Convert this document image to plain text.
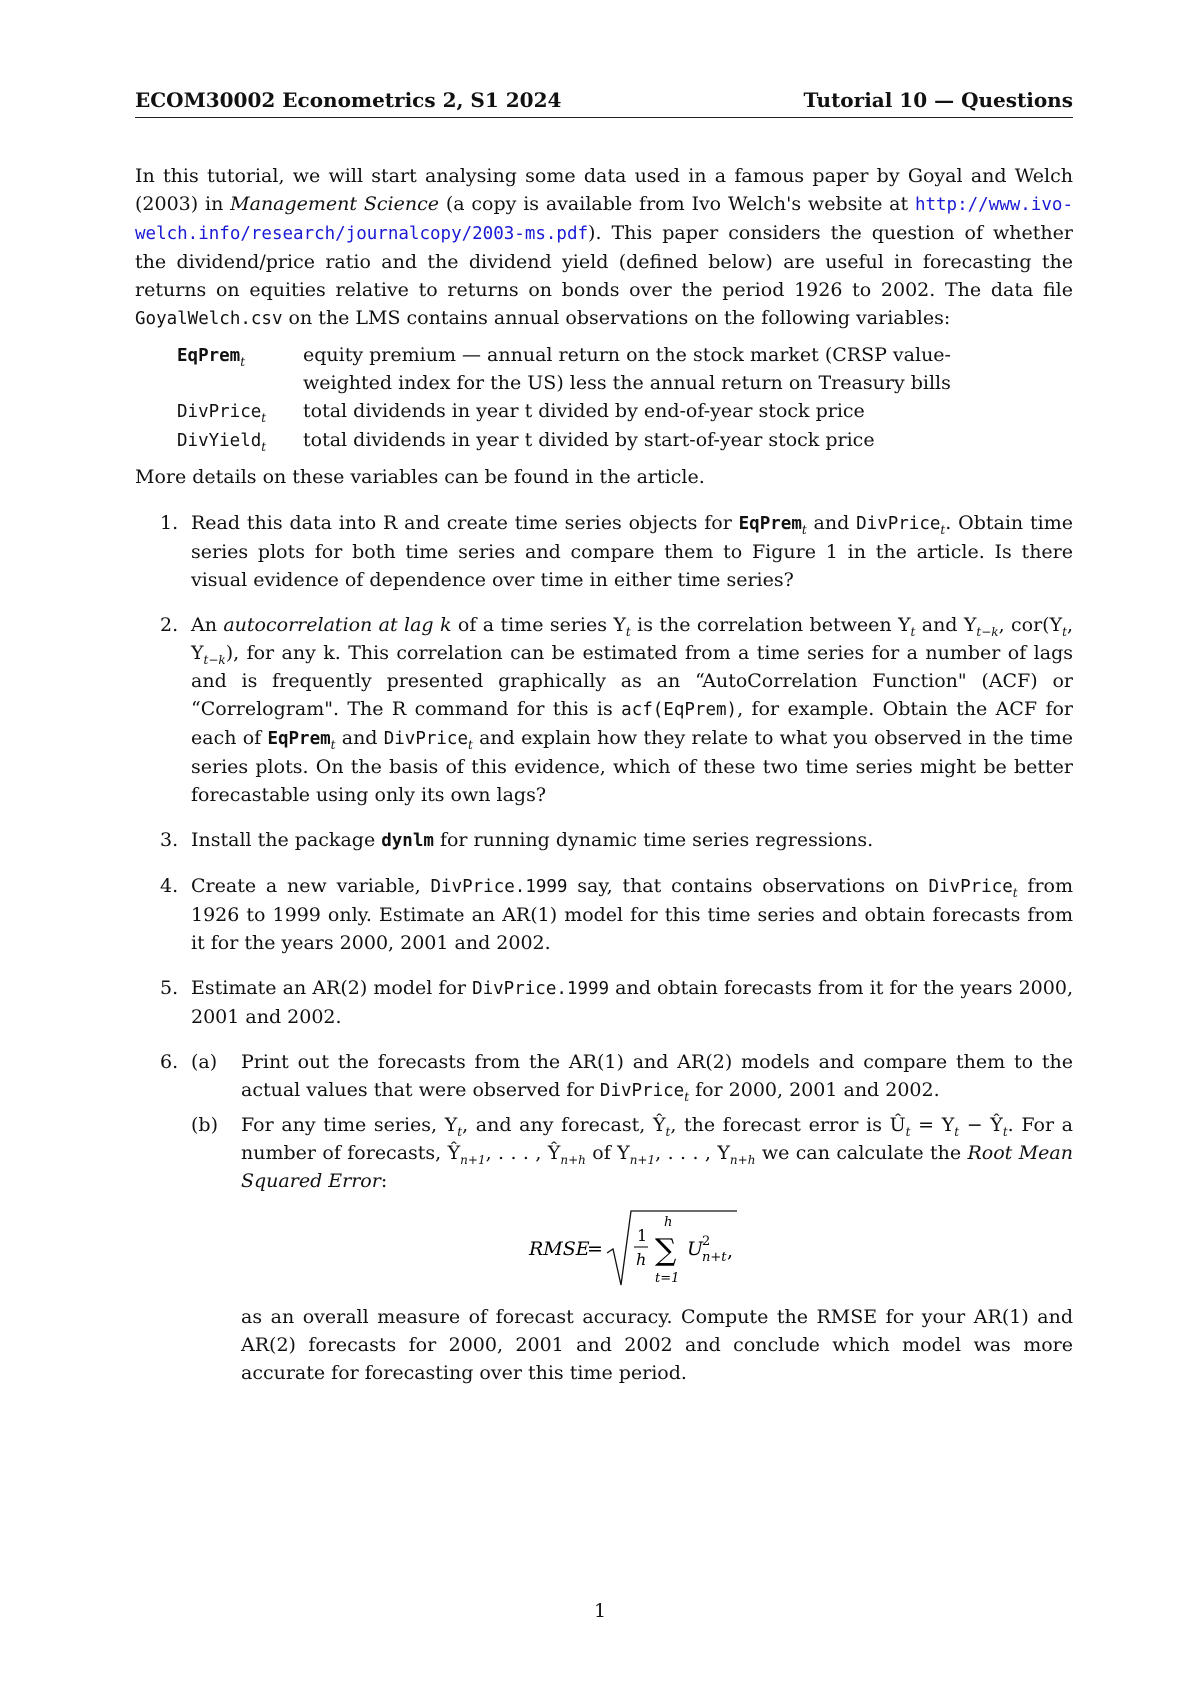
ECOM30002 Econometrics 2, S1 2024	Tutorial 10 — Questions

In this tutorial, we will start analysing some data used in a famous paper by Goyal and Welch (2003) in Management Science (a copy is available from Ivo Welch's website at http://www.ivo-welch.info/research/journalcopy/2003-ms.pdf). This paper considers the question of whether the dividend/price ratio and the dividend yield (defined below) are useful in forecasting the returns on equities relative to returns on bonds over the period 1926 to 2002. The data file GoyalWelch.csv on the LMS contains annual observations on the following variables:

EqPrem$_t$	equity premium — annual return on the stock market (CRSP value-weighted index for the US) less the annual return on Treasury bills
DivPrice$_t$	total dividends in year t divided by end-of-year stock price
DivYield$_t$	total dividends in year t divided by start-of-year stock price

More details on these variables can be found in the article.

1. Read this data into R and create time series objects for EqPrem$_t$ and DivPrice$_t$. Obtain time series plots for both time series and compare them to Figure 1 in the article. Is there visual evidence of dependence over time in either time series?

2. An autocorrelation at lag k of a time series $Y_t$ is the correlation between $Y_t$ and $Y_{t-k}$, $cor(Y_t$, $Y_{t-k}$), for any k. This correlation can be estimated from a time series for a number of lags and is frequently presented graphically as an “AutoCorrelation Function" (ACF) or “Correlogram". The R command for this is acf(EqPrem), for example. Obtain the ACF for each of EqPrem$_t$ and DivPrice$_t$ and explain how they relate to what you observed in the time series plots. On the basis of this evidence, which of these two time series might be better forecastable using only its own lags?

3. Install the package dynlm for running dynamic time series regressions.

4. Create a new variable, DivPrice.1999 say, that contains observations on DivPrice$_t$ from 1926 to 1999 only. Estimate an AR(1) model for this time series and obtain forecasts from it for the years 2000, 2001 and 2002.

5. Estimate an AR(2) model for DivPrice.1999 and obtain forecasts from it for the years 2000, 2001 and 2002.

6. (a) Print out the forecasts from the AR(1) and AR(2) models and compare them to the actual values that were observed for DivPrice$_t$ for 2000, 2001 and 2002.

(b) For any time series, $Y_t$, and any forecast, $Ŷ_t$, the forecast error is $Û_t = Y_t$ − $Ŷ_t$. For a number of forecasts, $Ŷ_{n+1}$, . . . , $Ŷ_{n+h}$ of $Y_{n+1}$, . . . , $Y_{n+h}$ we can calculate the Root Mean Squared Error:

RMSE
=
1
h
h
∑
t=1
U
2
n+t ,

as an overall measure of forecast accuracy. Compute the RMSE for your AR(1) and AR(2) forecasts for 2000, 2001 and 2002 and conclude which model was more accurate for forecasting over this time period.

1
